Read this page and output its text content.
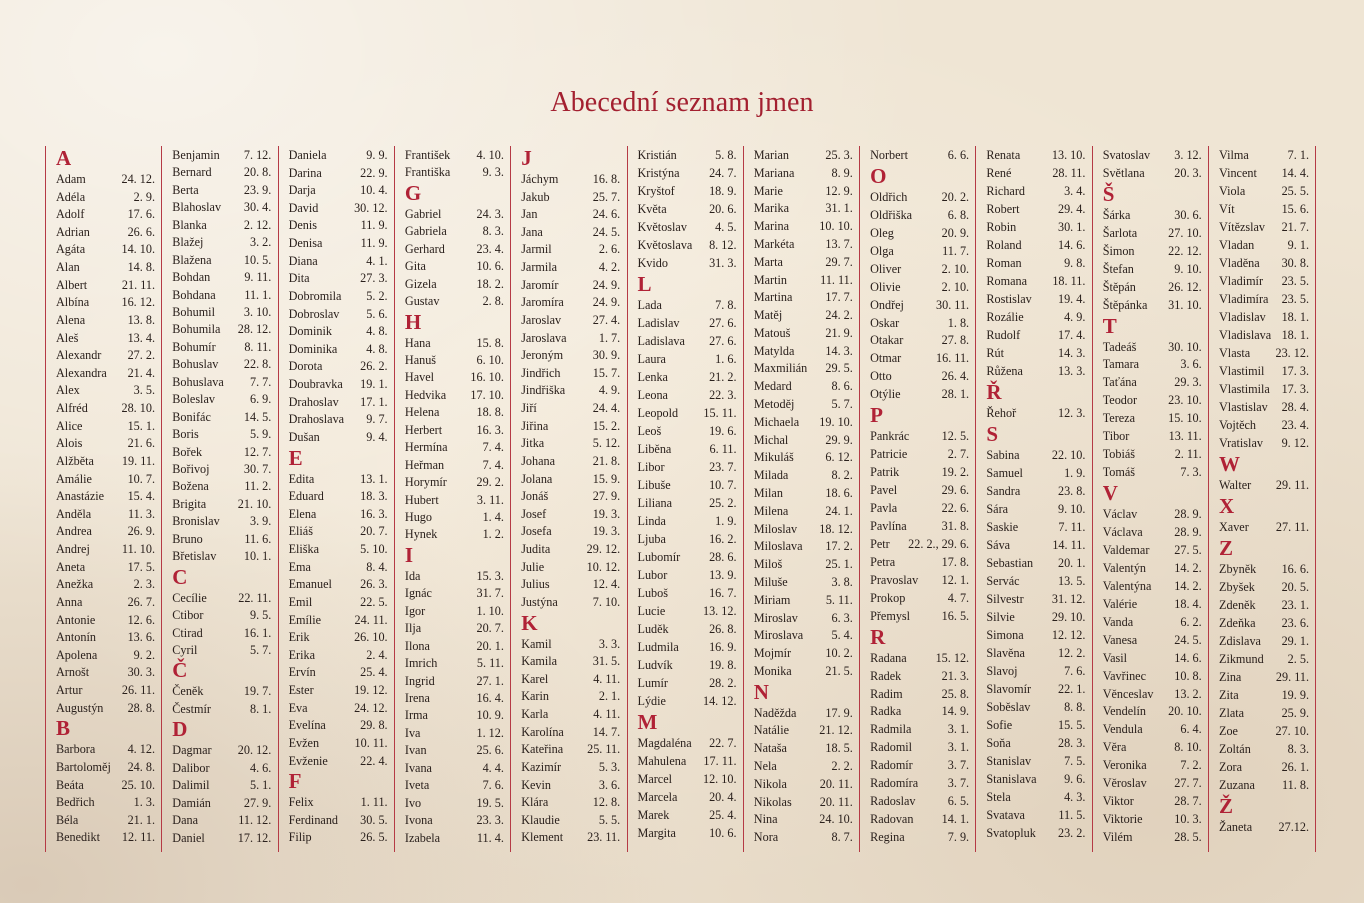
Abecední seznam jmen
A
Adam	24. 12.
Adéla	2. 9.
Adolf	17. 6.
Adrian	26. 6.
Agáta	14. 10.
Alan	14. 8.
Albert	21. 11.
Albína	16. 12.
Alena	13. 8.
Aleš	13. 4.
Alexandr 27. 2.
Alexandra 21. 4.
Alex	3. 5.
Alfréd	28. 10.
Alice	15. 1.
Alois	21. 6.
Alžběta 19. 11.
Amálie	10. 7.
Anastázie 15. 4.
Anděla	11. 3.
Andrea	26. 9.
Andrej	11. 10.
Aneta	17. 5.
Anežka	2. 3.
Anna	26. 7.
Antonie	12. 6.
Antonín	13. 6.
Apolena	9. 2.
Arnošt	30. 3.
Artur	26. 11.
Augustýn 28. 8.
B
Barbora	4. 12.
Bartoloměj 24. 8.
Beáta	25. 10.
Bedřich	1. 3.
Béla	21. 1.
Benedikt 12. 11.
Benjamin 7. 12.
Bernard	20. 8.
Berta	23. 9.
Blahoslav 30. 4.
Blanka	2. 12.
Blažej	3. 2.
Blažena	10. 5.
Bohdan	9. 11.
Bohdana 11. 1.
Bohumil 3. 10.
Bohumila 28. 12.
Bohumír 8. 11.
Bohuslav 22. 8.
Bohuslava 7. 7.
Boleslav	6. 9.
Bonifác	14. 5.
Boris	5. 9.
Bořek	12. 7.
Bořivoj	30. 7.
Božena	11. 2.
Brigita	21. 10.
Bronislav 3. 9.
Bruno	11. 6.
Břetislav 10. 1.
C
Cecílie	22. 11.
Ctibor	9. 5.
Ctirad	16. 1.
Cyril	5. 7.
Č
Čeněk	19. 7.
Čestmír	8. 1.
D
Dagmar 20. 12.
Dalibor	4. 6.
Dalimil	5. 1.
Damián	27. 9.
Dana	11. 12.
Daniel	17. 12.
Daniela	9. 9.
Darina	22. 9.
Darja	10. 4.
David	30. 12.
Denis	11. 9.
Denisa	11. 9.
Diana	4. 1.
Dita	27. 3.
Dobromila 5. 2.
Dobroslav 5. 6.
Dominik	4. 8.
Dominika 4. 8.
Dorota	26. 2.
Doubravka 19. 1.
Drahoslav 17. 1.
Drahoslava 9. 7.
Dušan	9. 4.
E
Edita	13. 1.
Eduard	18. 3.
Elena	16. 3.
Eliáš	20. 7.
Eliška	5. 10.
Ema	8. 4.
Emanuel 26. 3.
Emil	22. 5.
Emílie	24. 11.
Erik	26. 10.
Erika	2. 4.
Ervín	25. 4.
Ester	19. 12.
Eva	24. 12.
Evelína	29. 8.
Evžen	10. 11.
Evženie	22. 4.
F
Felix	1. 11.
Ferdinand 30. 5.
Filip	26. 5.
František 4. 10.
Františka	9. 3.
G
Gabriel	24. 3.
Gabriela	8. 3.
Gerhard	23. 4.
Gita	10. 6.
Gizela	18. 2.
Gustav	2. 8.
H
Hana	15. 8.
Hanuš	6. 10.
Havel	16. 10.
Hedvika 17. 10.
Helena	18. 8.
Herbert	16. 3.
Hermína	7. 4.
Heřman	7. 4.
Horymír 29. 2.
Hubert	3. 11.
Hugo	1. 4.
Hynek	1. 2.
I
Ida	15. 3.
Ignác	31. 7.
Igor	1. 10.
Ilja	20. 7.
Ilona	20. 1.
Imrich	5. 11.
Ingrid	27. 1.
Irena	16. 4.
Irma	10. 9.
Iva	1. 12.
Ivan	25. 6.
Ivana	4. 4.
Iveta	7. 6.
Ivo	19. 5.
Ivona	23. 3.
Izabela	11. 4.
J
Jáchym	16. 8.
Jakub	25. 7.
Jan	24. 6.
Jana	24. 5.
Jarmil	2. 6.
Jarmila	4. 2.
Jaromír	24. 9.
Jaromíra 24. 9.
Jaroslav	27. 4.
Jaroslava	1. 7.
Jeroným 30. 9.
Jindřich	15. 7.
Jindřiška	4. 9.
Jiří	24. 4.
Jiřina	15. 2.
Jitka	5. 12.
Johana	21. 8.
Jolana	15. 9.
Jonáš	27. 9.
Josef	19. 3.
Josefa	19. 3.
Judita	29. 12.
Julie	10. 12.
Julius	12. 4.
Justýna	7. 10.
K
Kamil	3. 3.
Kamila	31. 5.
Karel	4. 11.
Karin	2. 1.
Karla	4. 11.
Karolína 14. 7.
Kateřina 25. 11.
Kazimír	5. 3.
Kevin	3. 6.
Klára	12. 8.
Klaudie	5. 5.
Klement 23. 11.
Kristián	5. 8.
Kristýna 24. 7.
Kryštof	18. 9.
Květa	20. 6.
Květoslav 4. 5.
Květoslava 8. 12.
Kvido	31. 3.
L
Lada	7. 8.
Ladislav 27. 6.
Ladislava 27. 6.
Laura	1. 6.
Lenka	21. 2.
Leona	22. 3.
Leopold 15. 11.
Leoš	19. 6.
Liběna	6. 11.
Libor	23. 7.
Libuše	10. 7.
Liliana	25. 2.
Linda	1. 9.
Ljuba	16. 2.
Lubomír 28. 6.
Lubor	13. 9.
Luboš	16. 7.
Lucie	13. 12.
Luděk	26. 8.
Ludmila 16. 9.
Ludvík	19. 8.
Lumír	28. 2.
Lýdie	14. 12.
M
Magdaléna 22. 7.
Mahulena 17. 11.
Marcel	12. 10.
Marcela	20. 4.
Marek	25. 4.
Margita	10. 6.
Marian	25. 3.
Mariana	8. 9.
Marie	12. 9.
Marika	31. 1.
Marina 10. 10.
Markéta	13. 7.
Marta	29. 7.
Martin	11. 11.
Martina	17. 7.
Matěj	24. 2.
Matouš	21. 9.
Matylda	14. 3.
Maxmilián 29. 5.
Medard	8. 6.
Metoděj	5. 7.
Michaela 19. 10.
Michal	29. 9.
Mikuláš	6. 12.
Milada	8. 2.
Milan	18. 6.
Milena	24. 1.
Miloslav 18. 12.
Miloslava 17. 2.
Miloš	25. 1.
Miluše	3. 8.
Miriam	5. 11.
Miroslav	6. 3.
Miroslava 5. 4.
Mojmír	10. 2.
Monika	21. 5.
N
Naděžda 17. 9.
Natálie 21. 12.
Nataša	18. 5.
Nela	2. 2.
Nikola	20. 11.
Nikolas 20. 11.
Nina	24. 10.
Nora	8. 7.
Norbert	6. 6.
O
Oldřich	20. 2.
Oldřiška	6. 8.
Oleg	20. 9.
Olga	11. 7.
Oliver	2. 10.
Olivie	2. 10.
Ondřej	30. 11.
Oskar	1. 8.
Otakar	27. 8.
Otmar	16. 11.
Otto	26. 4.
Otýlie	28. 1.
P
Pankrác	12. 5.
Patricie	2. 7.
Patrik	19. 2.
Pavel	29. 6.
Pavla	22. 6.
Pavlína	31. 8.
Petr 22. 2., 29. 6.
Petra	17. 8.
Pravoslav 12. 1.
Prokop	4. 7.
Přemysl	16. 5.
R
Radana 15. 12.
Radek	21. 3.
Radim	25. 8.
Radka	14. 9.
Radmila	3. 1.
Radomil	3. 1.
Radomír	3. 7.
Radomíra 3. 7.
Radoslav	6. 5.
Radovan 14. 1.
Regina	7. 9.
Renata	13. 10.
René	28. 11.
Richard	3. 4.
Robert	29. 4.
Robin	30. 1.
Roland	14. 6.
Roman	9. 8.
Romana 18. 11.
Rostislav 19. 4.
Rozálie	4. 9.
Rudolf	17. 4.
Rút	14. 3.
Růžena	13. 3.
Ř
Řehoř	12. 3.
S
Sabina	22. 10.
Samuel	1. 9.
Sandra	23. 8.
Sára	9. 10.
Saskie	7. 11.
Sáva	14. 11.
Sebastian 20. 1.
Servác	13. 5.
Silvestr 31. 12.
Silvie	29. 10.
Simona 12. 12.
Slavěna	12. 2.
Slavoj	7. 6.
Slavomír 22. 1.
Soběslav	8. 8.
Sofie	15. 5.
Soňa	28. 3.
Stanislav	7. 5.
Stanislava 9. 6.
Stela	4. 3.
Svatava	11. 5.
Svatopluk 23. 2.
Svatoslav 3. 12.
Světlana 20. 3.
Š
Šárka	30. 6.
Šarlota	27. 10.
Šimon	22. 12.
Štefan	9. 10.
Štěpán	26. 12.
Štěpánka 31. 10.
T
Tadeáš	30. 10.
Tamara	3. 6.
Taťána	29. 3.
Teodor	23. 10.
Tereza	15. 10.
Tibor	13. 11.
Tobiáš	2. 11.
Tomáš	7. 3.
V
Václav	28. 9.
Václava	28. 9.
Valdemar 27. 5.
Valentýn 14. 2.
Valentýna 14. 2.
Valérie	18. 4.
Vanda	6. 2.
Vanesa	24. 5.
Vasil	14. 6.
Vavřinec 10. 8.
Věnceslav 13. 2.
Vendelín 20. 10.
Vendula	6. 4.
Věra	8. 10.
Veronika	7. 2.
Věroslav 27. 7.
Viktor	28. 7.
Viktorie	10. 3.
Vilém	28. 5.
Vilma	7. 1.
Vincent 14. 4.
Viola	25. 5.
Vít	15. 6.
Vítězslav 21. 7.
Vladan	9. 1.
Vladěna 30. 8.
Vladimír 23. 5.
Vladimíra 23. 5.
Vladislav 18. 1.
Vladislava 18. 1.
Vlasta 23. 12.
Vlastimil 17. 3.
Vlastimila 17. 3.
Vlastislav 28. 4.
Vojtěch 23. 4.
Vratislav 9. 12.
W
Walter 29. 11.
X
Xaver 27. 11.
Z
Zbyněk 16. 6.
Zbyšek 20. 5.
Zdeněk 23. 1.
Zdeňka 23. 6.
Zdislava 29. 1.
Zikmund 2. 5.
Zina	29. 11.
Zita	19. 9.
Zlata	25. 9.
Zoe	27. 10.
Zoltán	8. 3.
Zora	26. 1.
Zuzana 11. 8.
Ž
Žaneta 27.12.
